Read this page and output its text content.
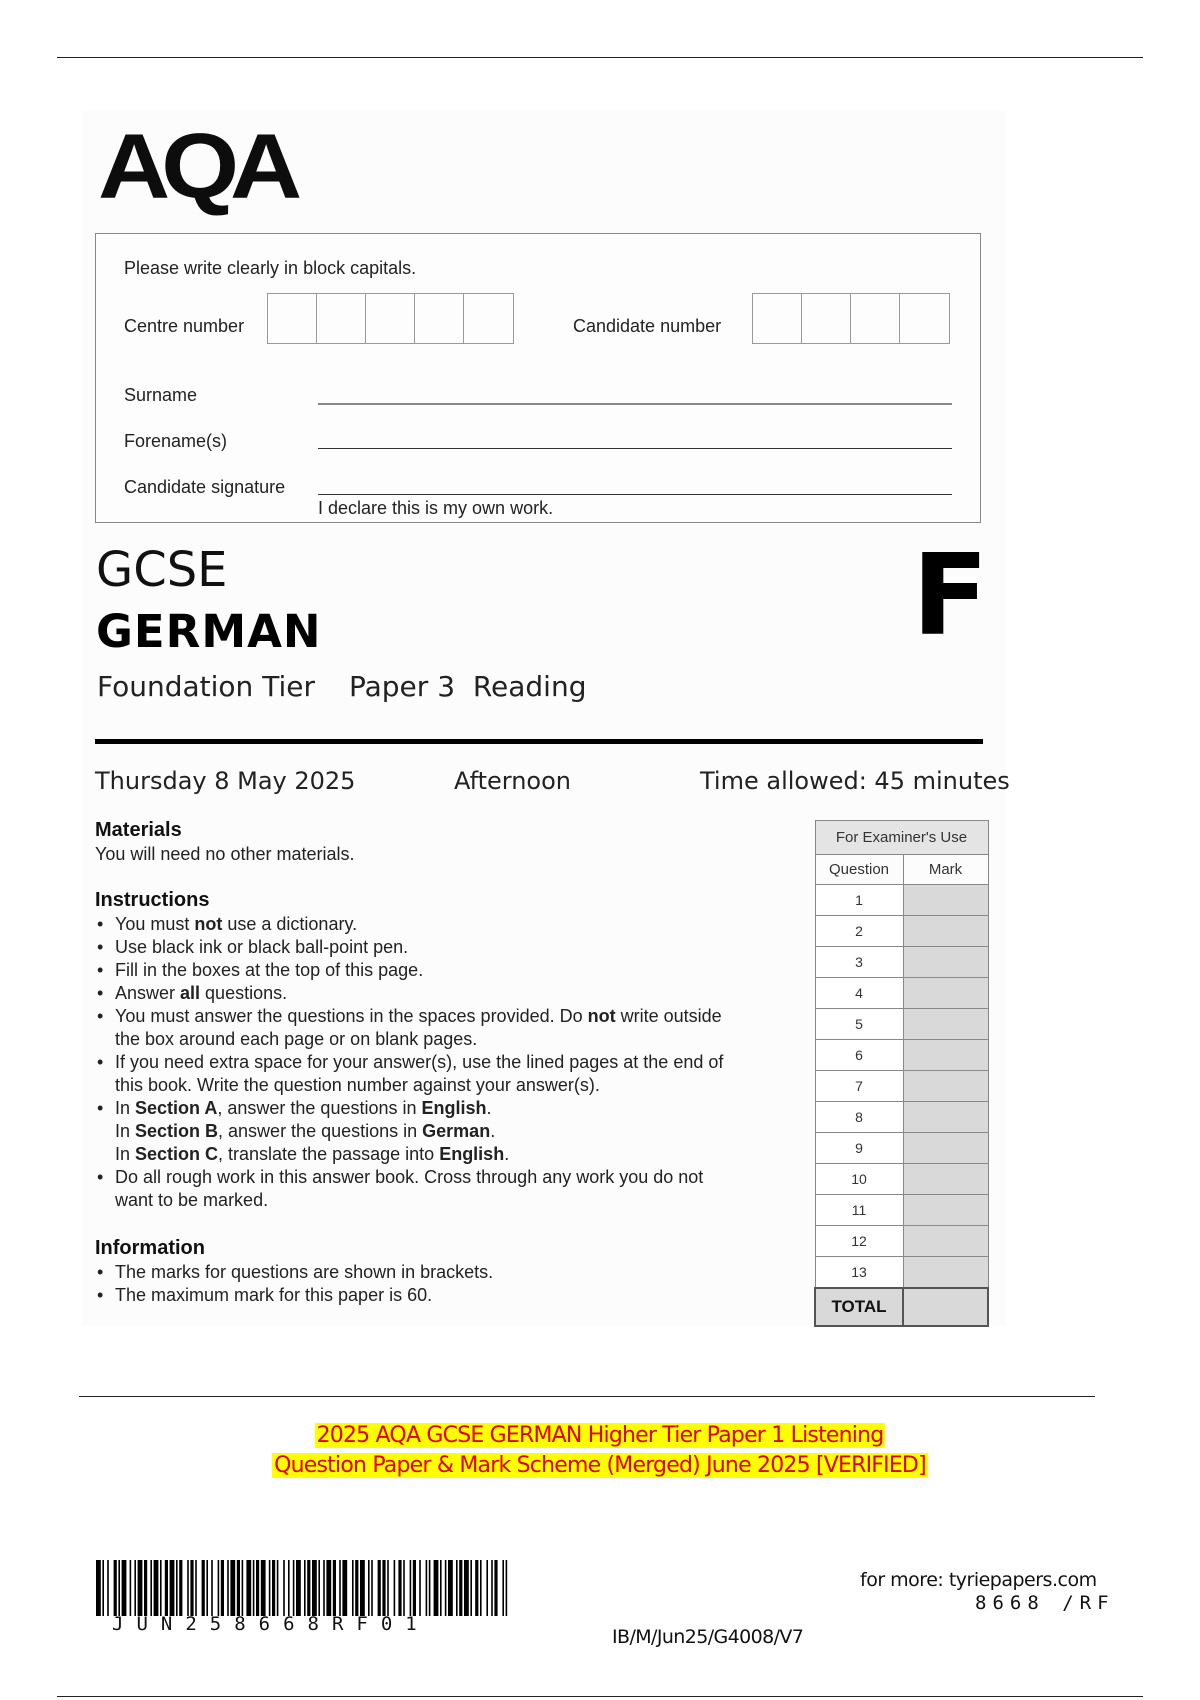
AQA
Please write clearly in block capitals.
Centre number	Candidate number
Surname
Forename(s)
Candidate signature
I declare this is my own work.
GCSE
GERMAN	F
Foundation Tier Paper 3  Reading
Thursday 8 May 2025	Afternoon	Time allowed: 45 minutes
Materials
You will need no other materials.
Instructions
• You must not use a dictionary.
• Use black ink or black ball-point pen.
• Fill in the boxes at the top of this page.
• Answer all questions.
• You must answer the questions in the spaces provided. Do not write outside
the box around each page or on blank pages.
• If you need extra space for your answer(s), use the lined pages at the end of
this book. Write the question number against your answer(s).
• In Section A, answer the questions in English.
In Section B, answer the questions in German.
In Section C, translate the passage into English.
• Do all rough work in this answer book. Cross through any work you do not
want to be marked.
Information
• The marks for questions are shown in brackets.
• The maximum mark for this paper is 60.
For Examiner's Use	
Question	Mark
1	
2	
3	
4	
5	
6	
7	
8	
9	
10	
11	
12	
13	
TOTAL	
2025 AQA GCSE GERMAN Higher Tier Paper 1 Listening
Question Paper & Mark Scheme (Merged) June 2025 [VERIFIED]
JUN258668RF01
IB/M/Jun25/G4008/V7
for more: tyriepapers.com
8668 /RF
